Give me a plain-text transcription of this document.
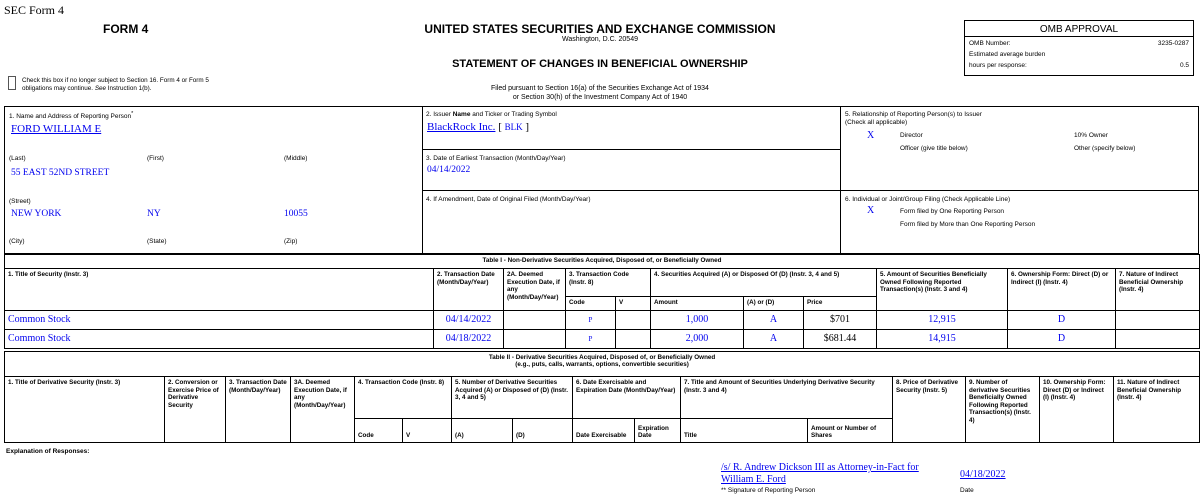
SEC Form 4
FORM 4	UNITED STATES SECURITIES AND EXCHANGE COMMISSION
Washington, D.C. 20549
STATEMENT OF CHANGES IN BENEFICIAL OWNERSHIP
Filed pursuant to Section 16(a) of the Securities Exchange Act of 1934
or Section 30(h) of the Investment Company Act of 1940
OMB APPROVAL
OMB Number:	3235-0287
Estimated average burden
hours per response:	0.5
Check this box if no longer subject to Section 16. Form 4 or Form 5
obligations may continue. See Instruction 1(b).
1. Name and Address of Reporting Person*
FORD WILLIAM E
(Last)	(First)	(Middle)
55 EAST 52ND STREET
(Street)
NEW YORK	NY	10055
(City)	(State)	(Zip)
2. Issuer Name and Ticker or Trading Symbol
BlackRock Inc. [ BLK ]
3. Date of Earliest Transaction (Month/Day/Year)
04/14/2022
4. If Amendment, Date of Original Filed (Month/Day/Year)
5. Relationship of Reporting Person(s) to Issuer
(Check all applicable)
X	Director	10% Owner
Officer (give title below)	Other (specify below)
6. Individual or Joint/Group Filing (Check Applicable Line)
X	Form filed by One Reporting Person
Form filed by More than One Reporting Person
Table I - Non-Derivative Securities Acquired, Disposed of, or Beneficially Owned										
1. Title of Security (Instr. 3)	2. Transaction Date (Month/Day/Year)	2A. Deemed Execution Date, if any (Month/Day/Year)	3. Transaction Code (Instr. 8)		4. Securities Acquired (A) or Disposed Of (D) (Instr. 3, 4 and 5)			5. Amount of Securities Beneficially Owned Following Reported Transaction(s) (Instr. 3 and 4)	6. Ownership Form: Direct (D) or Indirect (I) (Instr. 4)	7. Nature of Indirect Beneficial Ownership (Instr. 4)
			Code	V	Amount	(A) or (D)	Price			
Common Stock	04/14/2022		P		1,000	A	$701	12,915	D	
Common Stock	04/18/2022		P		2,000	A	$681.44	14,915	D	
Table II - Derivative Securities Acquired, Disposed of, or Beneficially Owned
(e.g., puts, calls, warrants, options, convertible securities)															

1. Title of Derivative Security (Instr. 3)	2. Conversion or Exercise Price of Derivative Security	3. Transaction Date (Month/Day/Year)	3A. Deemed Execution Date, if any (Month/Day/Year)	4. Transaction Code (Instr. 8)		5. Number of Derivative Securities Acquired (A) or Disposed of (D) (Instr. 3, 4 and 5)		6. Date Exercisable and Expiration Date (Month/Day/Year)		7. Title and Amount of Securities Underlying Derivative Security (Instr. 3 and 4)		8. Price of Derivative Security (Instr. 5)	9. Number of derivative Securities Beneficially Owned Following Reported Transaction(s) (Instr. 4)	10. Ownership Form: Direct (D) or Indirect (I) (Instr. 4)	11. Nature of Indirect Beneficial Ownership (Instr. 4)
				Code	V	(A)	(D)	Date Exercisable	Expiration Date	Title	Amount or Number of Shares				
Explanation of Responses:
/s/ R. Andrew Dickson III as Attorney-in-Fact for William E. Ford	04/18/2022
** Signature of Reporting Person	Date
